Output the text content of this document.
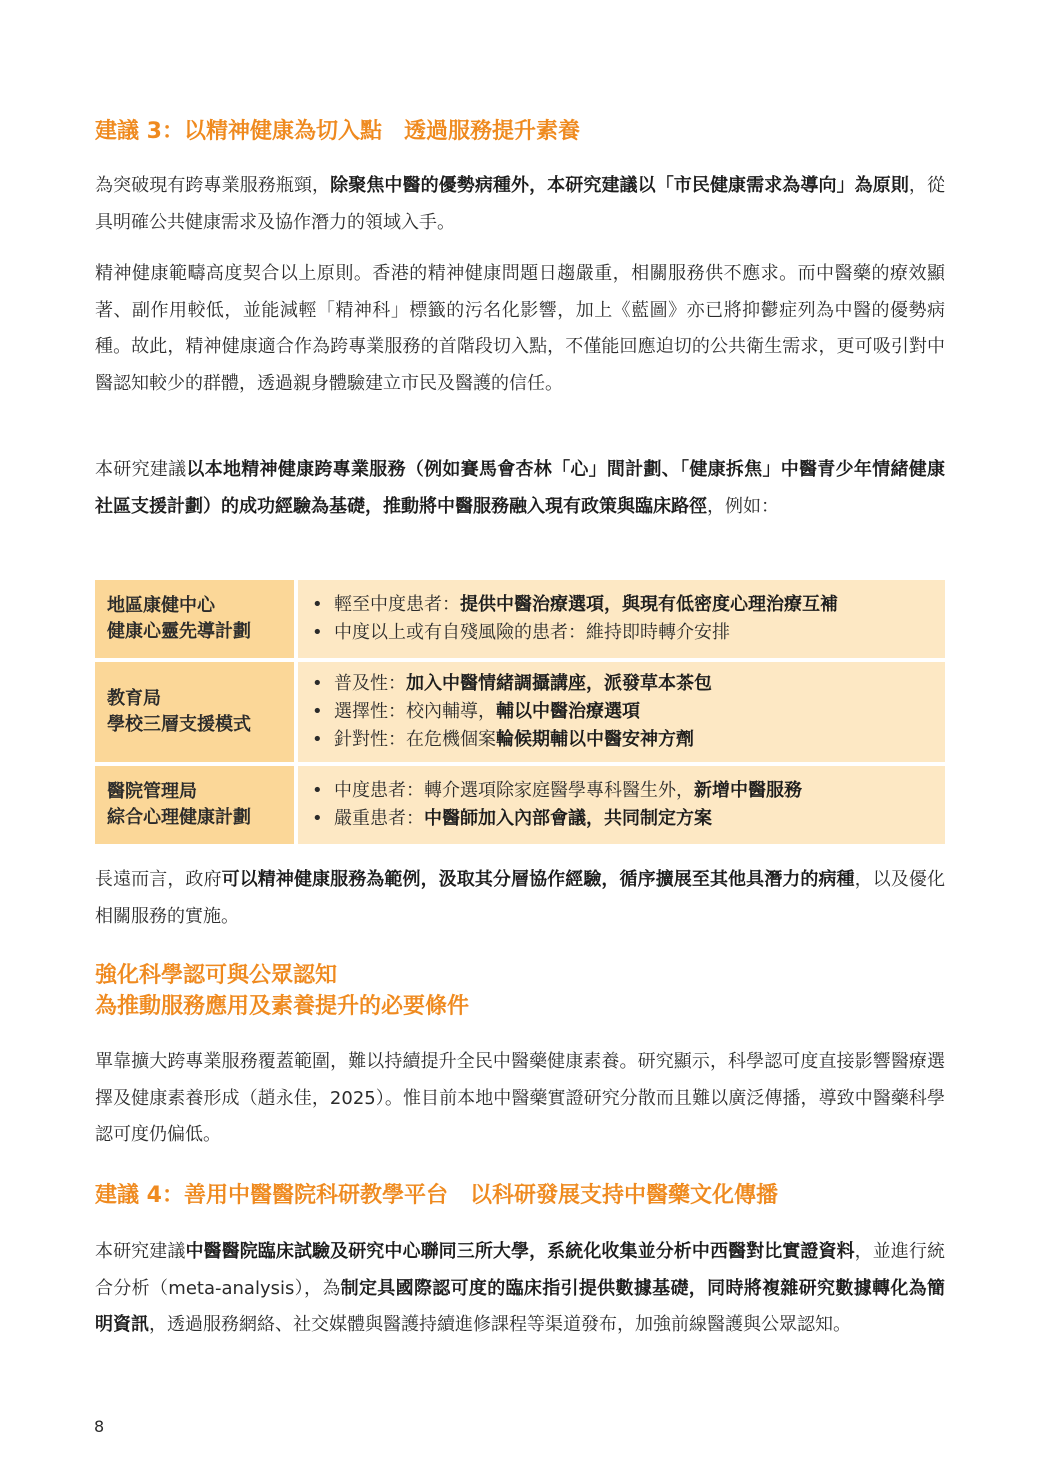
建議 3：以精神健康為切入點　透過服務提升素養

為突破現有跨專業服務瓶頸，除聚焦中醫的優勢病種外，本研究建議以「市民健康需求為導向」為原則，從具明確公共健康需求及協作潛力的領域入手。

精神健康範疇高度契合以上原則。香港的精神健康問題日趨嚴重，相關服務供不應求。而中醫藥的療效顯著、副作用較低，並能減輕「精神科」標籤的污名化影響，加上《藍圖》亦已將抑鬱症列為中醫的優勢病種。故此，精神健康適合作為跨專業服務的首階段切入點，不僅能回應迫切的公共衛生需求，更可吸引對中醫認知較少的群體，透過親身體驗建立市民及醫護的信任。

本研究建議以本地精神健康跨專業服務（例如賽馬會杏林「心」間計劃、「健康拆焦」中醫青少年情緒健康社區支援計劃）的成功經驗為基礎，推動將中醫服務融入現有政策與臨床路徑，例如：

地區康健中心
健康心靈先導計劃
• 輕至中度患者：提供中醫治療選項，與現有低密度心理治療互補
• 中度以上或有自殘風險的患者：維持即時轉介安排
教育局
學校三層支援模式
• 普及性：加入中醫情緒調攝講座，派發草本茶包
• 選擇性：校內輔導，輔以中醫治療選項
• 針對性：在危機個案輪候期輔以中醫安神方劑
醫院管理局
綜合心理健康計劃
• 中度患者：轉介選項除家庭醫學專科醫生外，新增中醫服務
• 嚴重患者：中醫師加入內部會議，共同制定方案

長遠而言，政府可以精神健康服務為範例，汲取其分層協作經驗，循序擴展至其他具潛力的病種，以及優化相關服務的實施。

強化科學認可與公眾認知
為推動服務應用及素養提升的必要條件

單靠擴大跨專業服務覆蓋範圍，難以持續提升全民中醫藥健康素養。研究顯示，科學認可度直接影響醫療選擇及健康素養形成（趙永佳，2025）。惟目前本地中醫藥實證研究分散而且難以廣泛傳播，導致中醫藥科學認可度仍偏低。

建議 4：善用中醫醫院科研教學平台　以科研發展支持中醫藥文化傳播

本研究建議中醫醫院臨床試驗及研究中心聯同三所大學，系統化收集並分析中西醫對比實證資料，並進行統合分析（meta-analysis），為制定具國際認可度的臨床指引提供數據基礎，同時將複雜研究數據轉化為簡明資訊，透過服務網絡、社交媒體與醫護持續進修課程等渠道發布，加強前線醫護與公眾認知。

8
